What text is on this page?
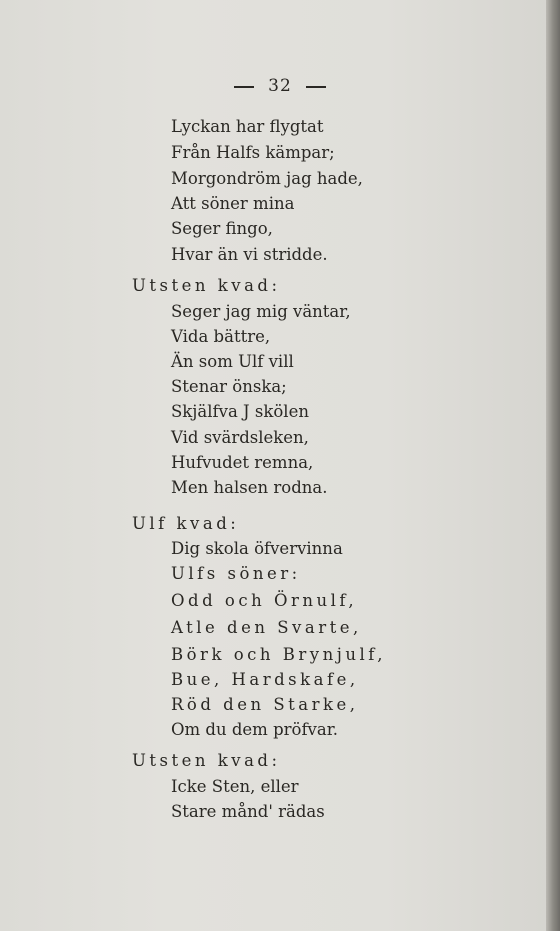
32
Lyckan har flygtat
Från Halfs kämpar;
Morgondröm jag hade,
Att söner mina
Seger fingo,
Hvar än vi stridde.
Utsten kvad:
Seger jag mig väntar,
Vida bättre,
Än som Ulf vill
Stenar önska;
Skjälfva J skölen
Vid svärdsleken,
Hufvudet remna,
Men halsen rodna.
Ulf kvad:
Dig skola öfvervinna
Ulfs söner:
Odd och Örnulf,
Atle den Svarte,
Börk och Brynjulf,
Bue, Hardskafe,
Röd den Starke,
Om du dem pröfvar.
Utsten kvad:
Icke Sten, eller
Stare månd' rädas
